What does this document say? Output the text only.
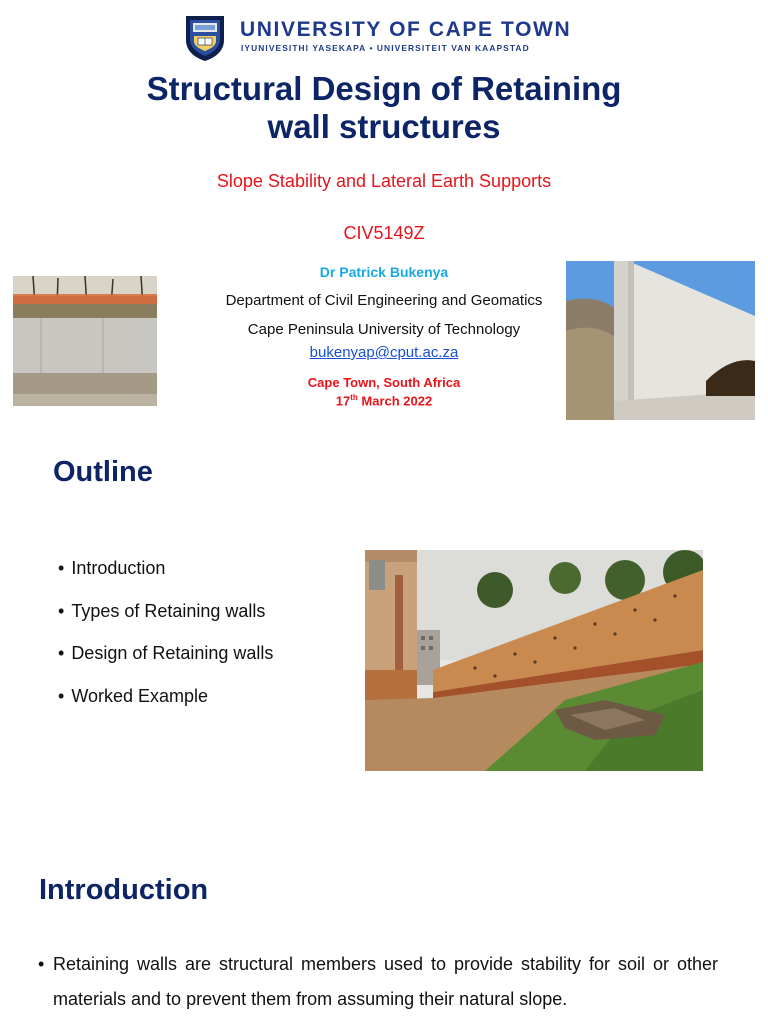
UNIVERSITY OF CAPE TOWN
IYUNIVESITHI YASEKAPA • UNIVERSITEIT VAN KAAPSTAD
Structural Design of Retaining
wall structures
Slope Stability and Lateral Earth Supports
CIV5149Z
Dr Patrick Bukenya
Department of Civil Engineering and Geomatics
Cape Peninsula University of Technology
bukenyap@cput.ac.za
Cape Town, South Africa
17th March 2022
Outline
• Introduction
• Types of Retaining walls
• Design of Retaining walls
• Worked Example
Introduction

• Retaining walls are structural members used to provide stability for soil or other materials and to prevent them from assuming their natural slope.
